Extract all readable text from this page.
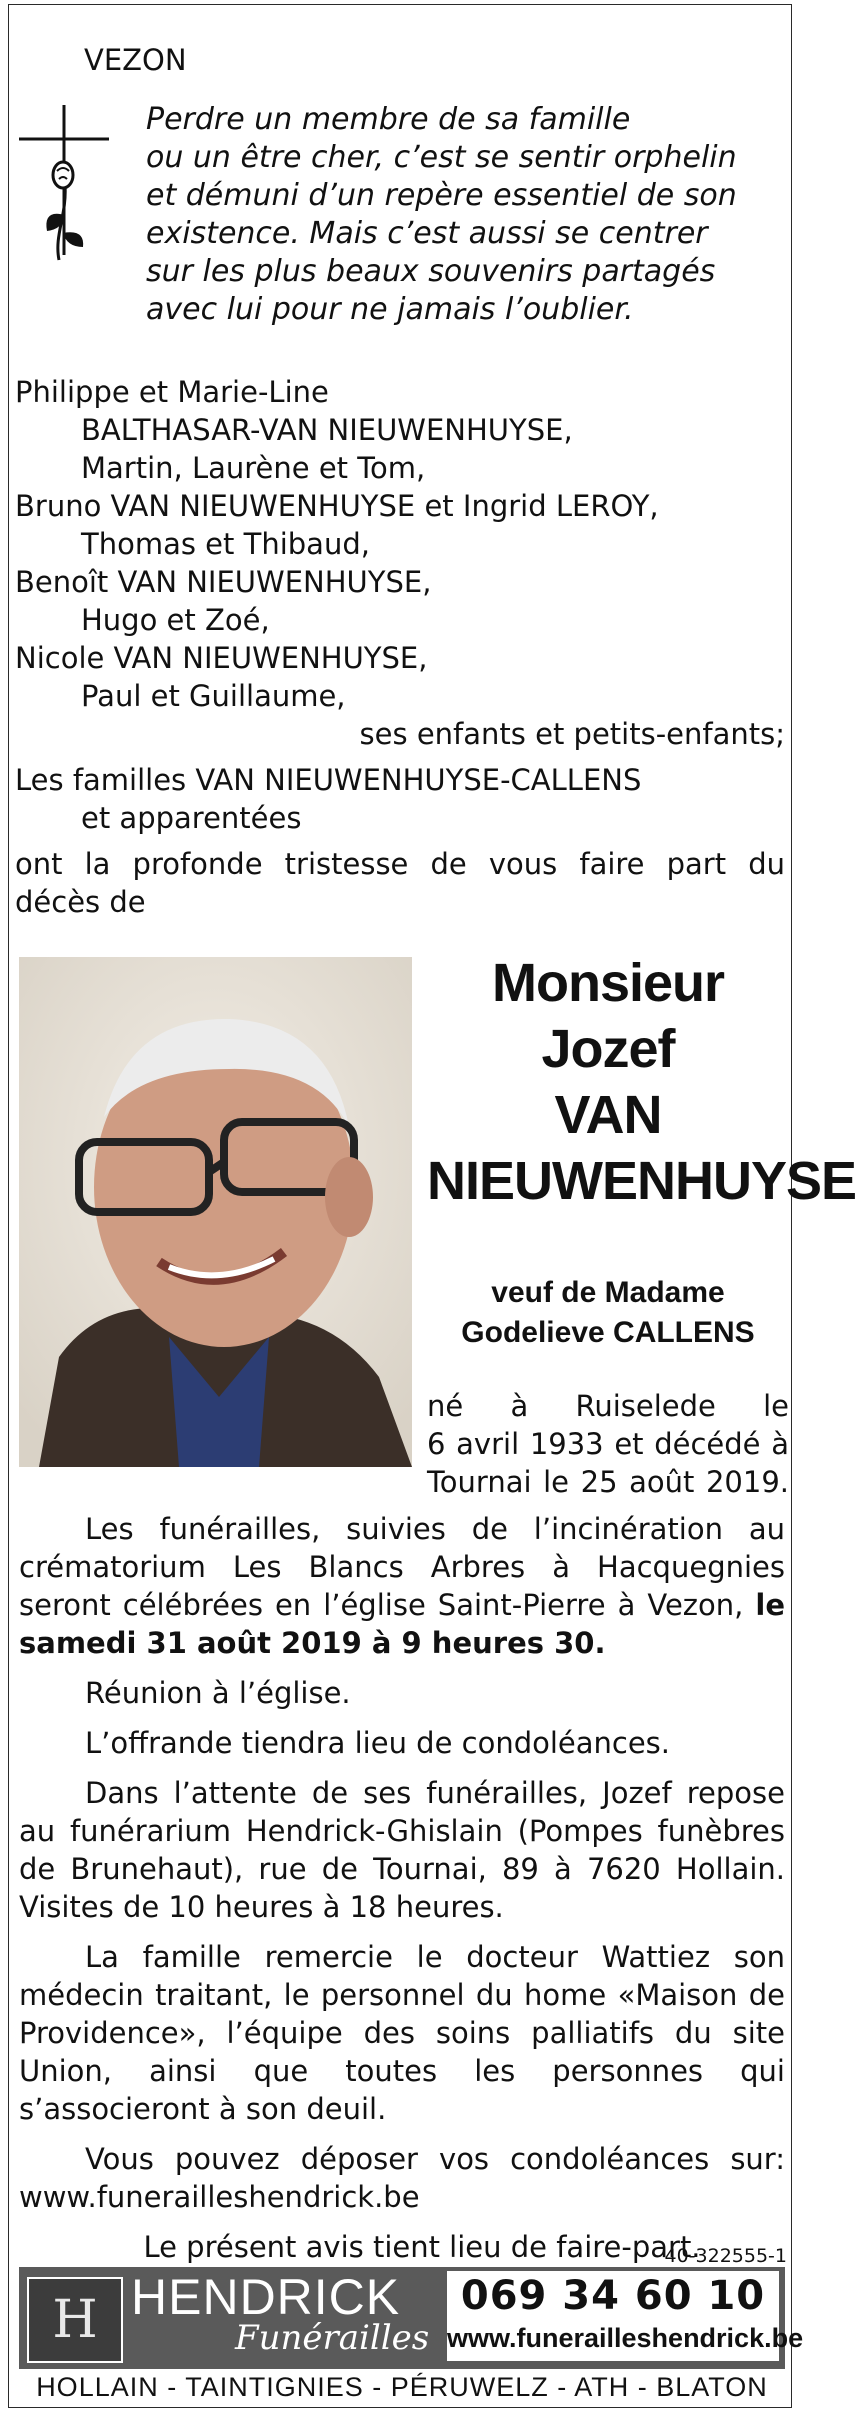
VEZON
Perdre un membre de sa famille
ou un être cher, c’est se sentir orphelin
et démuni d’un repère essentiel de son
existence. Mais c’est aussi se centrer
sur les plus beaux souvenirs partagés
avec lui pour ne jamais l’oublier.
Philippe et Marie-Line
BALTHASAR-VAN NIEUWENHUYSE,
Martin, Laurène et Tom,
Bruno VAN NIEUWENHUYSE et Ingrid LEROY,
Thomas et Thibaud,
Benoît VAN NIEUWENHUYSE,
Hugo et Zoé,
Nicole VAN NIEUWENHUYSE,
Paul et Guillaume,
ses enfants et petits-enfants;
Les familles VAN NIEUWENHUYSE-CALLENS
et apparentées
ont la profonde tristesse de vous faire part du
décès de
Monsieur
Jozef
VAN
NIEUWENHUYSE
veuf de Madame
Godelieve CALLENS
né à Ruiselede le
6 avril 1933 et décédé à
Tournai le 25 août 2019.

Les funérailles, suivies de l’incinération au crématorium Les Blancs Arbres à Hacquegnies seront célébrées en l’église Saint-Pierre à Vezon, le samedi 31 août 2019 à 9 heures 30.

Réunion à l’église.

L’offrande tiendra lieu de condoléances.

Dans l’attente de ses funérailles, Jozef repose au funérarium Hendrick-Ghislain (Pompes funèbres de Brunehaut), rue de Tournai, 89 à 7620 Hollain. Visites de 10 heures à 18 heures.

La famille remercie le docteur Wattiez son médecin traitant, le personnel du home «Maison de Providence», l’équipe des soins palliatifs du site Union, ainsi que toutes les personnes qui s’associeront à son deuil.

Vous pouvez déposer vos condoléances sur: www.funerailleshendrick.be

Le présent avis tient lieu de faire-part.

40-322555-1
H HENDRICK
Funérailles
069 34 60 10
www.funerailleshendrick.be
HOLLAIN - TAINTIGNIES - PÉRUWELZ - ATH - BLATON
